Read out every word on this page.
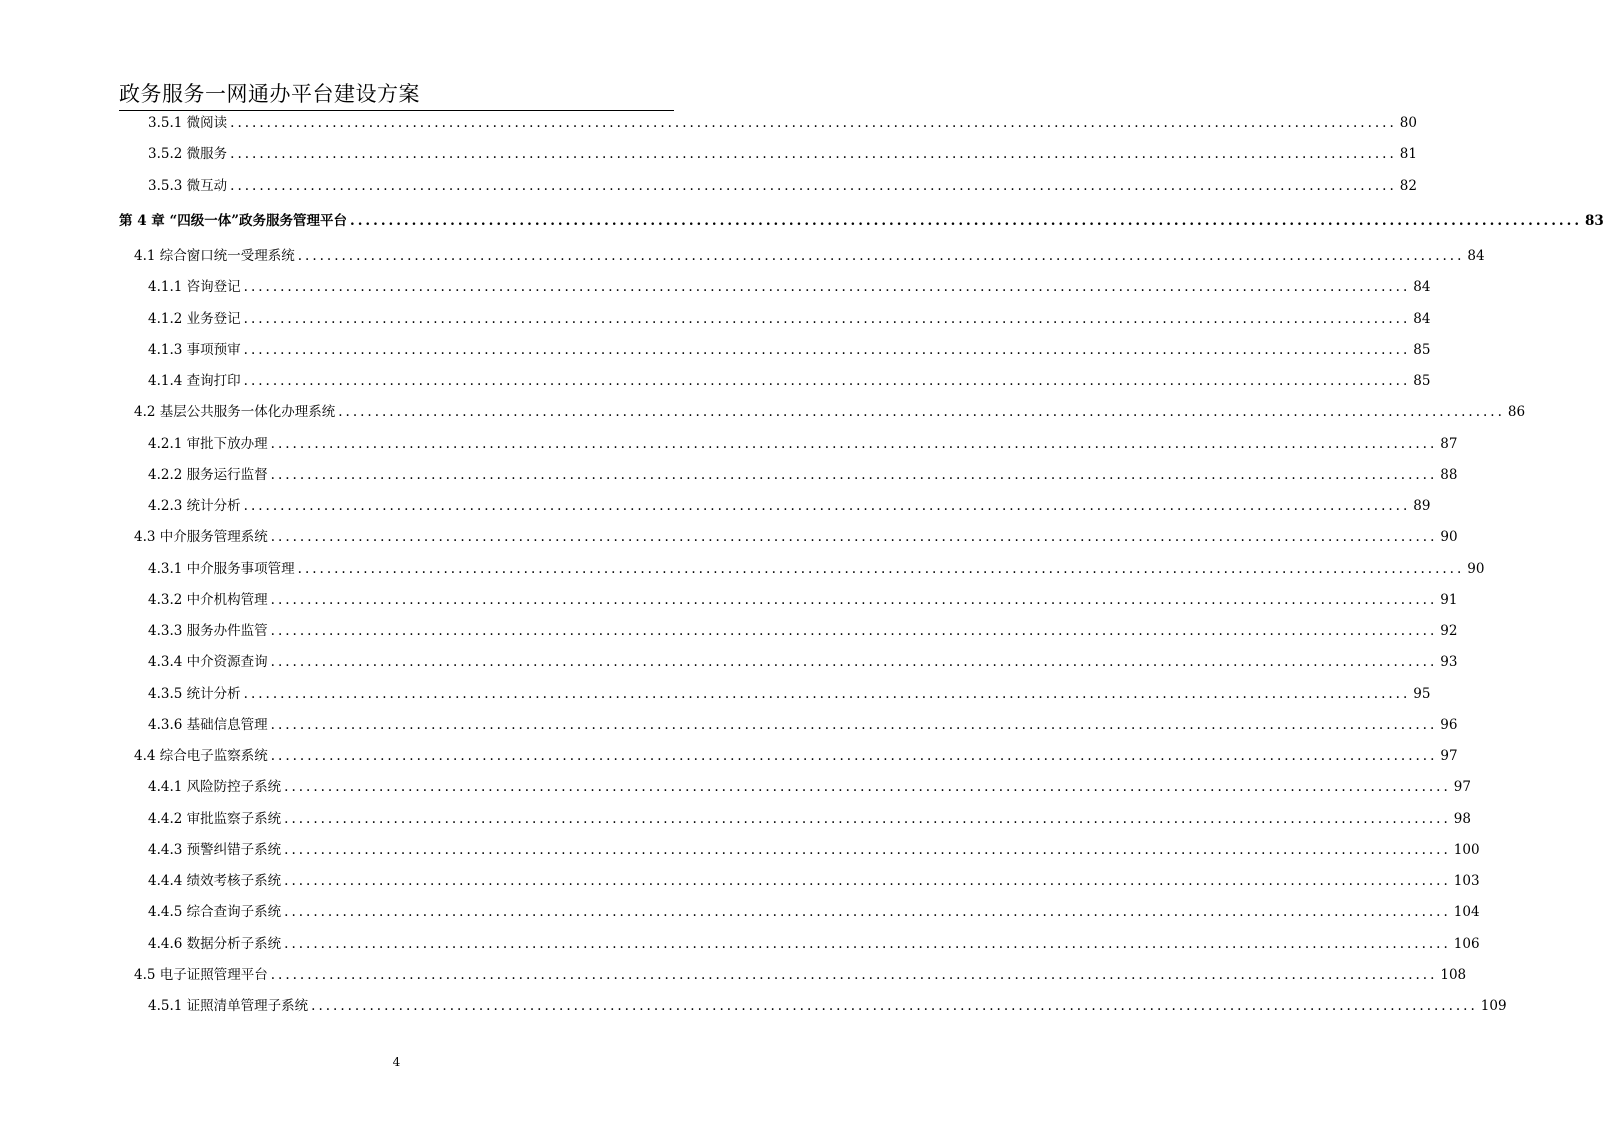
政务服务一网通办平台建设方案
3.5.1 微阅读 ................................................................................................................................................................ 80
3.5.2 微服务 ................................................................................................................................................................ 81
3.5.3 微互动 ................................................................................................................................................................ 82
第 4 章 “四级一体”政务服务管理平台 ................................................................................................................................................................ 83
4.1 综合窗口统一受理系统 ................................................................................................................................................................ 84
4.1.1 咨询登记 ................................................................................................................................................................ 84
4.1.2 业务登记 ................................................................................................................................................................ 84
4.1.3 事项预审 ................................................................................................................................................................ 85
4.1.4 查询打印 ................................................................................................................................................................ 85
4.2 基层公共服务一体化办理系统 ................................................................................................................................................................ 86
4.2.1 审批下放办理 ................................................................................................................................................................ 87
4.2.2 服务运行监督 ................................................................................................................................................................ 88
4.2.3 统计分析 ................................................................................................................................................................ 89
4.3 中介服务管理系统 ................................................................................................................................................................ 90
4.3.1 中介服务事项管理 ................................................................................................................................................................ 90
4.3.2 中介机构管理 ................................................................................................................................................................ 91
4.3.3 服务办件监管 ................................................................................................................................................................ 92
4.3.4 中介资源查询 ................................................................................................................................................................ 93
4.3.5 统计分析 ................................................................................................................................................................ 95
4.3.6 基础信息管理 ................................................................................................................................................................ 96
4.4 综合电子监察系统 ................................................................................................................................................................ 97
4.4.1 风险防控子系统 ................................................................................................................................................................ 97
4.4.2 审批监察子系统 ................................................................................................................................................................ 98
4.4.3 预警纠错子系统 ................................................................................................................................................................ 100
4.4.4 绩效考核子系统 ................................................................................................................................................................ 103
4.4.5 综合查询子系统 ................................................................................................................................................................ 104
4.4.6 数据分析子系统 ................................................................................................................................................................ 106
4.5 电子证照管理平台 ................................................................................................................................................................ 108
4.5.1 证照清单管理子系统 ................................................................................................................................................................ 109
4
